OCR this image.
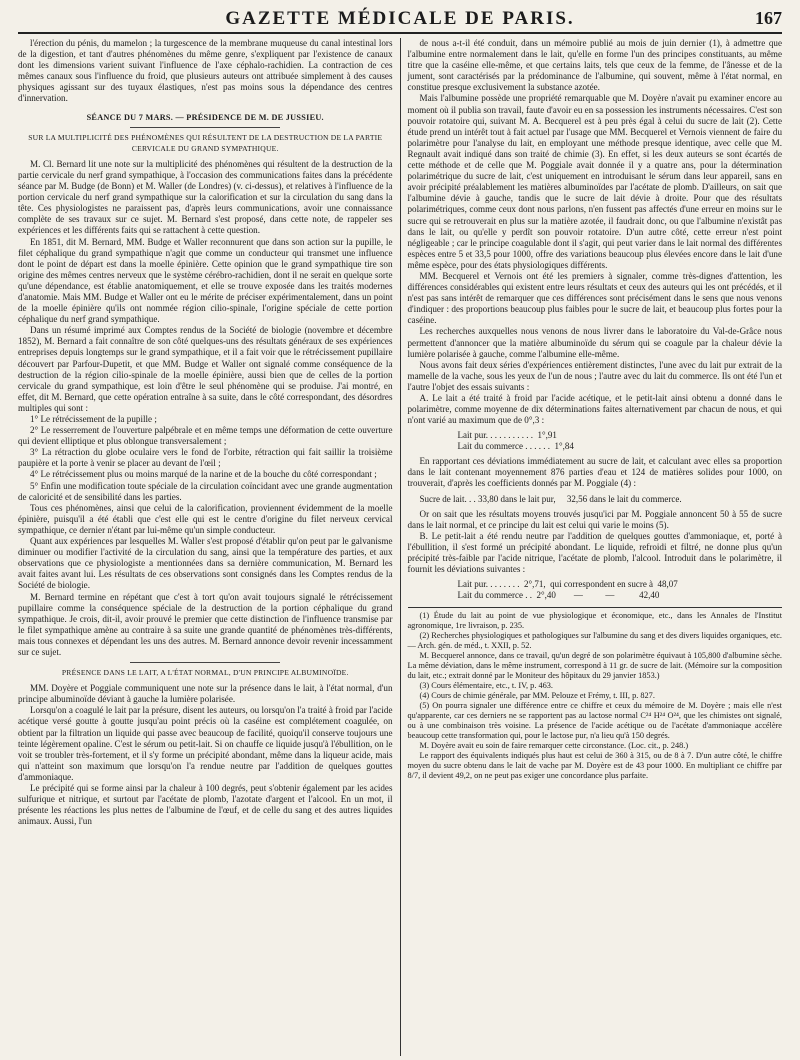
GAZETTE MÉDICALE DE PARIS.	167

l'érection du pénis, du mamelon ; la turgescence de la membrane muqueuse du canal intestinal lors de la digestion, et tant d'autres phénomènes du même genre, s'expliquent par l'existence de canaux dont les dimensions varient suivant l'influence de l'axe céphalo-rachidien. La contraction de ces mêmes canaux sous l'influence du froid, que plusieurs auteurs ont attribuée simplement à des causes physiques agissant sur des tuyaux élastiques, n'est pas moins sous la dépendance des centres d'innervation.

SÉANCE DU 7 MARS. — PRÉSIDENCE DE M. DE JUSSIEU.
SUR LA MULTIPLICITÉ DES PHÉNOMÈNES QUI RÉSULTENT DE LA DESTRUCTION DE LA PARTIE CERVICALE DU GRAND SYMPATHIQUE.

M. Cl. Bernard lit une note sur la multiplicité des phénomènes qui résultent de la destruction de la partie cervicale du nerf grand sympathique, à l'occasion des communications faites dans la précédente séance par M. Budge (de Bonn) et M. Waller (de Londres) (v. ci-dessus), et relatives à l'influence de la portion cervicale du nerf grand sympathique sur la calorification et sur la circulation du sang dans la tête. Ces physiologistes ne paraissent pas, d'après leurs communications, avoir une connaissance complète de ses travaux sur ce sujet. M. Bernard s'est proposé, dans cette note, de rappeler ses expériences et les différents faits qui se rattachent à cette question.

En 1851, dit M. Bernard, MM. Budge et Waller reconnurent que dans son action sur la pupille, le filet céphalique du grand sympathique n'agit que comme un conducteur qui transmet une influence dont le point de départ est dans la moelle épinière. Cette opinion que le grand sympathique tire son origine des mêmes centres nerveux que le système cérébro-rachidien, dont il ne serait en quelque sorte qu'une dépendance, est établie anatomiquement, et elle se trouve exposée dans les traités modernes d'anatomie. Mais MM. Budge et Waller ont eu le mérite de préciser expérimentalement, dans un point de la moelle épinière qu'ils ont nommée région cilio-spinale, l'origine spéciale de cette portion céphalique du nerf grand sympathique.

Dans un résumé imprimé aux Comptes rendus de la Société de biologie (novembre et décembre 1852), M. Bernard a fait connaître de son côté quelques-uns des résultats généraux de ses expériences entreprises depuis longtemps sur le grand sympathique, et il a fait voir que le rétrécissement pupillaire découvert par Parfour-Dupetit, et que MM. Budge et Waller ont signalé comme conséquence de la destruction de la région cilio-spinale de la moelle épinière, aussi bien que de celles de la portion cervicale du grand sympathique, est loin d'être le seul phénomène qui se produise. J'ai montré, en effet, dit M. Bernard, que cette opération entraîne à sa suite, dans le côté correspondant, des désordres multiples qui sont :

1° Le rétrécissement de la pupille ;

2° Le resserrement de l'ouverture palpébrale et en même temps une déformation de cette ouverture qui devient elliptique et plus oblongue transversalement ;

3° La rétraction du globe oculaire vers le fond de l'orbite, rétraction qui fait saillir la troisième paupière et la porte à venir se placer au devant de l'œil ;

4° Le rétrécissement plus ou moins marqué de la narine et de la bouche du côté correspondant ;

5° Enfin une modification toute spéciale de la circulation coïncidant avec une grande augmentation de caloricité et de sensibilité dans les parties.

Tous ces phénomènes, ainsi que celui de la calorification, proviennent évidemment de la moelle épinière, puisqu'il a été établi que c'est elle qui est le centre d'origine du filet nerveux cervical sympathique, ce dernier n'étant par lui-même qu'un simple conducteur.

Quant aux expériences par lesquelles M. Waller s'est proposé d'établir qu'on peut par le galvanisme diminuer ou modifier l'activité de la circulation du sang, ainsi que la température des parties, et aux observations que ce physiologiste a mentionnées dans sa dernière communication, M. Bernard les avait faites avant lui. Les résultats de ces observations sont consignés dans les Comptes rendus de la Société de biologie.

M. Bernard termine en répétant que c'est à tort qu'on avait toujours signalé le rétrécissement pupillaire comme la conséquence spéciale de la destruction de la portion céphalique du grand sympathique. Je crois, dit-il, avoir prouvé le premier que cette distinction de l'influence transmise par le filet sympathique amène au contraire à sa suite une grande quantité de phénomènes très-différents, mais tous connexes et dépendant les uns des autres. M. Bernard annonce devoir revenir incessamment sur ce sujet.

PRÉSENCE DANS LE LAIT, A L'ÉTAT NORMAL, D'UN PRINCIPE ALBUMINOÏDE.

MM. Doyère et Poggiale communiquent une note sur la présence dans le lait, à l'état normal, d'un principe albuminoïde déviant à gauche la lumière polarisée.

Lorsqu'on a coagulé le lait par la présure, disent les auteurs, ou lorsqu'on l'a traité à froid par l'acide acétique versé goutte à goutte jusqu'au point précis où la caséine est complétement coagulée, on obtient par la filtration un liquide qui passe avec beaucoup de facilité, quoiqu'il conserve toujours une teinte légèrement opaline. C'est le sérum ou petit-lait. Si on chauffe ce liquide jusqu'à l'ébullition, on le voit se troubler très-fortement, et il s'y forme un précipité abondant, même dans la liqueur acide, mais qui n'atteint son maximum que lorsqu'on l'a rendue neutre par l'addition de quelques gouttes d'ammoniaque.

Le précipité qui se forme ainsi par la chaleur à 100 degrés, peut s'obtenir également par les acides sulfurique et nitrique, et surtout par l'acétate de plomb, l'azotate d'argent et l'alcool. En un mot, il présente les réactions les plus nettes de l'albumine de l'œuf, et de celle du sang et des autres liquides animaux. Aussi, l'un

de nous a-t-il été conduit, dans un mémoire publié au mois de juin dernier (1), à admettre que l'albumine entre normalement dans le lait, qu'elle en forme l'un des principes constituants, au même titre que la caséine elle-même, et que certains laits, tels que ceux de la femme, de l'ânesse et de la jument, sont caractérisés par la prédominance de l'albumine, qui souvent, même à l'état normal, en constitue presque exclusivement la substance azotée.

Mais l'albumine possède une propriété remarquable que M. Doyère n'avait pu examiner encore au moment où il publia son travail, faute d'avoir eu en sa possession les instruments nécessaires. C'est son pouvoir rotatoire qui, suivant M. A. Becquerel est à peu près égal à celui du sucre de lait (2). Cette étude prend un intérêt tout à fait actuel par l'usage que MM. Becquerel et Vernois viennent de faire du polarimètre pour l'analyse du lait, en employant une méthode presque identique, avec celle que M. Regnault avait indiqué dans son traité de chimie (3). En effet, si les deux auteurs se sont écartés de cette méthode et de celle que M. Poggiale avait donnée il y a quatre ans, pour la détermination polarimétrique du sucre de lait, c'est uniquement en introduisant le sérum dans leur appareil, sans en avoir précipité préalablement les matières albuminoïdes par l'acétate de plomb. D'ailleurs, on sait que l'albumine dévie à gauche, tandis que le sucre de lait dévie à droite. Pour que des résultats polarimétriques, comme ceux dont nous parlons, n'en fussent pas affectés d'une erreur en moins sur le sucre qui se retrouverait en plus sur la matière azotée, il faudrait donc, ou que l'albumine n'existât pas dans le lait, ou qu'elle y perdît son pouvoir rotatoire. D'un autre côté, cette erreur n'est point négligeable ; car le principe coagulable dont il s'agit, qui peut varier dans le lait normal des différentes espèces entre 5 et 33,5 pour 1000, offre des variations beaucoup plus élevées encore dans le lait d'une même espèce, pour des états physiologiques différents.

MM. Becquerel et Vernois ont été les premiers à signaler, comme très-dignes d'attention, les différences considérables qui existent entre leurs résultats et ceux des auteurs qui les ont précédés, et il n'est pas sans intérêt de remarquer que ces différences sont précisément dans le sens que nous venons d'indiquer : des proportions beaucoup plus faibles pour le sucre de lait, et beaucoup plus fortes pour la caséine.

Les recherches auxquelles nous venons de nous livrer dans le laboratoire du Val-de-Grâce nous permettent d'annoncer que la matière albuminoïde du sérum qui se coagule par la chaleur dévie la lumière polarisée à gauche, comme l'albumine elle-même.

Nous avons fait deux séries d'expériences entièrement distinctes, l'une avec du lait pur extrait de la mamelle de la vache, sous les yeux de l'un de nous ; l'autre avec du lait du commerce. Ils ont été l'un et l'autre l'objet des essais suivants :

A. Le lait a été traité à froid par l'acide acétique, et le petit-lait ainsi obtenu a donné dans le polarimètre, comme moyenne de dix déterminations faites alternativement par chacun de nous, et qui n'ont varié au maximum que de 0°,3 :

Lait pur. . . . . . . . . . .  1°,91
Lait du commerce . . . . . .  1°,84

En rapportant ces déviations immédiatement au sucre de lait, et calculant avec elles sa proportion dans le lait contenant moyennement 876 parties d'eau et 124 de matières solides pour 1000, on trouverait, d'après les coefficients donnés par M. Poggiale (4) :

Sucre de lait. . . 33,80 dans le lait pur,     32,56 dans le lait du commerce.

Or on sait que les résultats moyens trouvés jusqu'ici par M. Poggiale annoncent 50 à 55 de sucre dans le lait normal, et ce principe du lait est celui qui varie le moins (5).

B. Le petit-lait a été rendu neutre par l'addition de quelques gouttes d'ammoniaque, et, porté à l'ébullition, il s'est formé un précipité abondant. Le liquide, refroidi et filtré, ne donne plus qu'un précipité très-faible par l'acide nitrique, l'acétate de plomb, l'alcool. Introduit dans le polarimètre, il fournit les déviations suivantes :

Lait pur. . . . . . . .  2°,71,  qui correspondent en sucre à  48,07
Lait du commerce . .  2°,40        —          —           42,40

(1) Étude du lait au point de vue physiologique et économique, etc., dans les Annales de l'Institut agronomique, 1re livraison, p. 235.

(2) Recherches physiologiques et pathologiques sur l'albumine du sang et des divers liquides organiques, etc. — Arch. gén. de méd., t. XXII, p. 52.

M. Becquerel annonce, dans ce travail, qu'un degré de son polarimètre équivaut à 105,800 d'albumine sèche. La même déviation, dans le même instrument, correspond à 11 gr. de sucre de lait. (Mémoire sur la composition du lait, etc.; extrait donné par le Moniteur des hôpitaux du 29 janvier 1853.)

(3) Cours élémentaire, etc., t. IV, p. 463.

(4) Cours de chimie générale, par MM. Pelouze et Frémy, t. III, p. 827.

(5) On pourra signaler une différence entre ce chiffre et ceux du mémoire de M. Doyère ; mais elle n'est qu'apparente, car ces derniers ne se rapportent pas au lactose normal C²⁴ H²⁴ O²⁴, que les chimistes ont signalé, ou à une combinaison très voisine. La présence de l'acide acétique ou de l'acétate d'ammoniaque accélère beaucoup cette transformation qui, pour le lactose pur, n'a lieu qu'à 150 degrés.

M. Doyère avait eu soin de faire remarquer cette circonstance. (Loc. cit., p. 248.)

Le rapport des équivalents indiqués plus haut est celui de 360 à 315, ou de 8 à 7. D'un autre côté, le chiffre moyen du sucre obtenu dans le lait de vache par M. Doyère est de 43 pour 1000. En multipliant ce chiffre par 8/7, il devient 49,2, on ne peut pas exiger une concordance plus parfaite.
